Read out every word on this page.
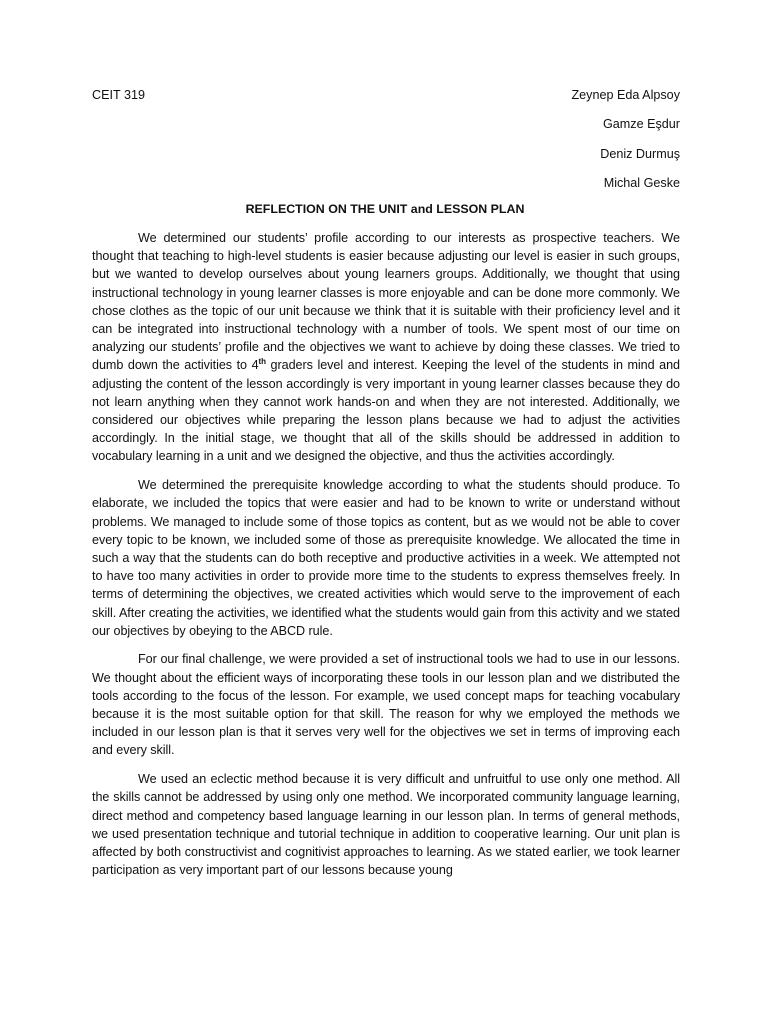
CEIT 319	Zeynep Eda Alpsoy
Gamze Eşdur
Deniz Durmuş
Michal Geske
REFLECTION ON THE UNIT and LESSON PLAN

We determined our students’ profile according to our interests as prospective teachers. We thought that teaching to high-level students is easier because adjusting our level is easier in such groups, but we wanted to develop ourselves about young learners groups. Additionally, we thought that using instructional technology in young learner classes is more enjoyable and can be done more commonly. We chose clothes as the topic of our unit because we think that it is suitable with their proficiency level and it can be integrated into instructional technology with a number of tools. We spent most of our time on analyzing our students’ profile and the objectives we want to achieve by doing these classes. We tried to dumb down the activities to 4th graders level and interest. Keeping the level of the students in mind and adjusting the content of the lesson accordingly is very important in young learner classes because they do not learn anything when they cannot work hands-on and when they are not interested. Additionally, we considered our objectives while preparing the lesson plans because we had to adjust the activities accordingly. In the initial stage, we thought that all of the skills should be addressed in addition to vocabulary learning in a unit and we designed the objective, and thus the activities accordingly.

We determined the prerequisite knowledge according to what the students should produce. To elaborate, we included the topics that were easier and had to be known to write or understand without problems. We managed to include some of those topics as content, but as we would not be able to cover every topic to be known, we included some of those as prerequisite knowledge. We allocated the time in such a way that the students can do both receptive and productive activities in a week. We attempted not to have too many activities in order to provide more time to the students to express themselves freely. In terms of determining the objectives, we created activities which would serve to the improvement of each skill. After creating the activities, we identified what the students would gain from this activity and we stated our objectives by obeying to the ABCD rule.

For our final challenge, we were provided a set of instructional tools we had to use in our lessons. We thought about the efficient ways of incorporating these tools in our lesson plan and we distributed the tools according to the focus of the lesson. For example, we used concept maps for teaching vocabulary because it is the most suitable option for that skill. The reason for why we employed the methods we included in our lesson plan is that it serves very well for the objectives we set in terms of improving each and every skill.

We used an eclectic method because it is very difficult and unfruitful to use only one method. All the skills cannot be addressed by using only one method. We incorporated community language learning, direct method and competency based language learning in our lesson plan. In terms of general methods, we used presentation technique and tutorial technique in addition to cooperative learning. Our unit plan is affected by both constructivist and cognitivist approaches to learning. As we stated earlier, we took learner participation as very important part of our lessons because young
